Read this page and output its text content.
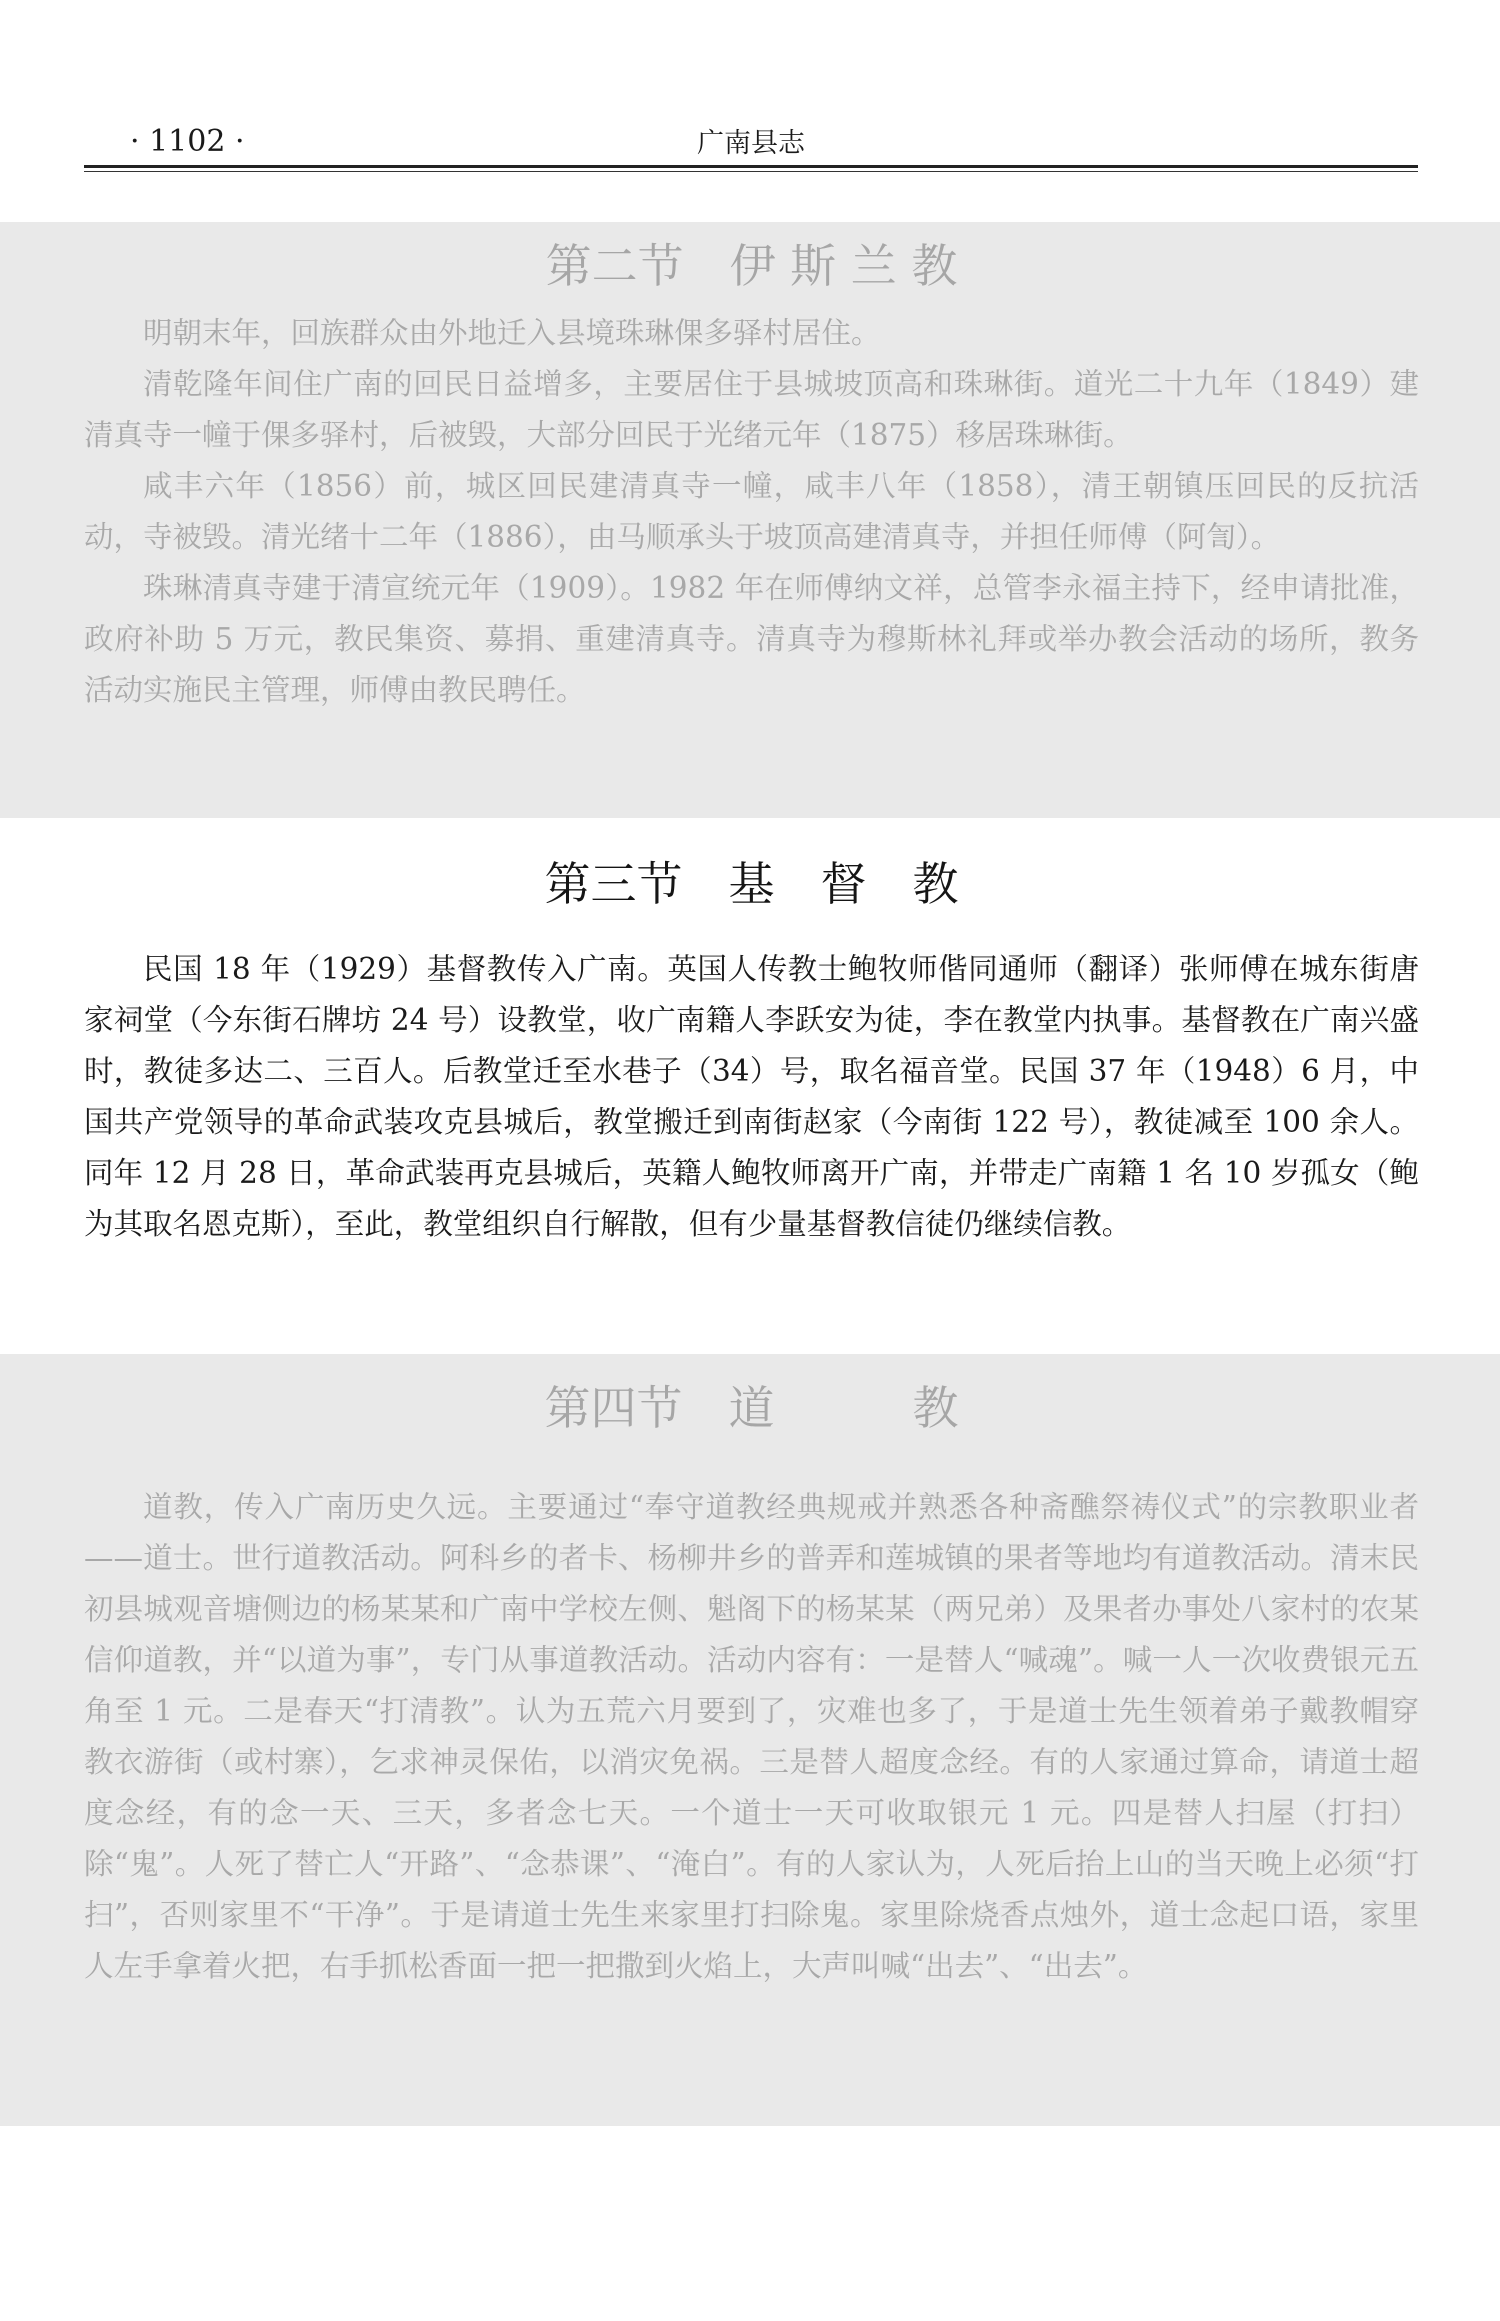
· 1102 ·	广南县志
第二节　伊 斯 兰 教

明朝末年，回族群众由外地迁入县境珠琳倮多驿村居住。

清乾隆年间住广南的回民日益增多，主要居住于县城坡顶高和珠琳街。道光二十九年（1849）建清真寺一幢于倮多驿村，后被毁，大部分回民于光绪元年（1875）移居珠琳街。

咸丰六年（1856）前，城区回民建清真寺一幢，咸丰八年（1858），清王朝镇压回民的反抗活动，寺被毁。清光绪十二年（1886），由马顺承头于坡顶高建清真寺，并担任师傅（阿訇）。

珠琳清真寺建于清宣统元年（1909）。1982 年在师傅纳文祥，总管李永福主持下，经申请批准，政府补助 5 万元，教民集资、募捐、重建清真寺。清真寺为穆斯林礼拜或举办教会活动的场所，教务活动实施民主管理，师傅由教民聘任。

第三节　基　督　教

民国 18 年（1929）基督教传入广南。英国人传教士鲍牧师偕同通师（翻译）张师傅在城东街唐家祠堂（今东街石牌坊 24 号）设教堂，收广南籍人李跃安为徒，李在教堂内执事。基督教在广南兴盛时，教徒多达二、三百人。后教堂迁至水巷子（34）号，取名福音堂。民国 37 年（1948）6 月，中国共产党领导的革命武装攻克县城后，教堂搬迁到南街赵家（今南街 122 号），教徒减至 100 余人。同年 12 月 28 日，革命武装再克县城后，英籍人鲍牧师离开广南，并带走广南籍 1 名 10 岁孤女（鲍为其取名恩克斯），至此，教堂组织自行解散，但有少量基督教信徒仍继续信教。

第四节　道　　　教

道教，传入广南历史久远。主要通过“奉守道教经典规戒并熟悉各种斋醮祭祷仪式”的宗教职业者——道士。世行道教活动。阿科乡的者卡、杨柳井乡的普弄和莲城镇的果者等地均有道教活动。清末民初县城观音塘侧边的杨某某和广南中学校左侧、魁阁下的杨某某（两兄弟）及果者办事处八家村的农某信仰道教，并“以道为事”，专门从事道教活动。活动内容有：一是替人“喊魂”。喊一人一次收费银元五角至 1 元。二是春天“打清教”。认为五荒六月要到了，灾难也多了，于是道士先生领着弟子戴教帽穿教衣游街（或村寨），乞求神灵保佑，以消灾免祸。三是替人超度念经。有的人家通过算命，请道士超度念经，有的念一天、三天，多者念七天。一个道士一天可收取银元 1 元。四是替人扫屋（打扫）除“鬼”。人死了替亡人“开路”、“念恭课”、“淹白”。有的人家认为，人死后抬上山的当天晚上必须“打扫”，否则家里不“干净”。于是请道士先生来家里打扫除鬼。家里除烧香点烛外，道士念起口语，家里人左手拿着火把，右手抓松香面一把一把撒到火焰上，大声叫喊“出去”、“出去”。
